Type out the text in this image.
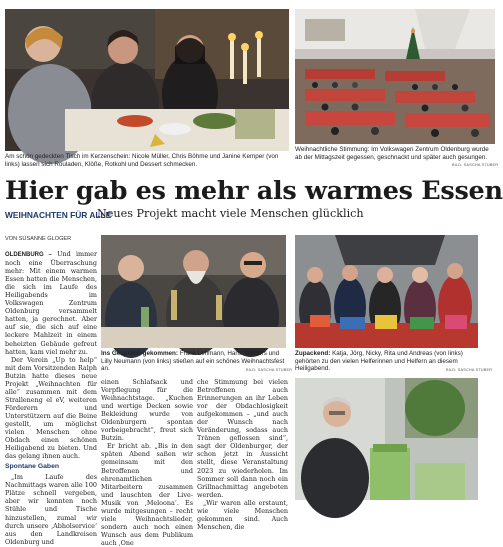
Am schön gedeckten Tisch im Kerzenschein: Nicole Müller, Chris Böhme und Janine Kemper (von links) lassen sich Rouladen, Klöße, Rotkohl und Dessert schmecken.
Weihnachtliche Stimmung: Im Volkswagen Zentrum Oldenburg wurde ab der Mittagszeit gegessen, geschnackt und später auch gesungen.
BILD: SASCHA STÜBER
Hier gab es mehr als warmes Essen
WEIHNACHTEN FÜR ALLE
Neues Projekt macht viele Menschen glücklich
VON SUSANNE GLOGER

OLDENBURG – Und immer noch eine Überraschung mehr: Mit einem warmen Essen hatten die Menschen, die sich im Laufe des Heiligabends im Volkswagen Zentrum Oldenburg versammelt hatten, ja gerechnet. Aber auf sie, die sich auf eine leckere Mahlzeit in einem beheizten Gebäude gefreut hatten, kam viel mehr zu.

Der Verein „Up to help“ mit dem Vorsitzenden Ralph Butzin hatte dieses neue Projekt „Weihnachten für alle“ zusammen mit dem Stralleneng el eV, weiteren Förderern und Unterstützern auf die Beine gestellt, um möglichst vielen Menschen ohne Obdach einen schönen Heiligabend zu bieten. Und das gelang ihnen auch.

Spontane Gaben

„Im Laufe des Nachmittags waren alle 100 Plätze schnell vergeben, aber wir konnten noch Stühle und Tische hinzustellen, zumal wir durch unsere ‚Abholservice‘ aus den Landkreisen Oldenburg und

Ins Gespräch gekommen: Frank Lehmann, Hans Siemers und Lilly Neumann (von links) stießen auf ein schönes Weihnachtsfest an.	BILD: SASCHA STÜBER
Zupackend: Katja, Jörg, Nicky, Rita und Andreas (von links) gehörten zu den vielen Helferinnen und Helfern an diesem Heiligabend.	BILD: SASCHA STÜBER

einen Schlafsack und Verpflegung für die Weihnachtstage. „Kuchen und wertige Decken sowie Bekleidung wurde von Oldenburgern spontan vorbeigebracht“, freut sich Butzin.

Er bricht ab. „Bis in den späten Abend saßen wir gemeinsam mit den Betroffenen und ehrenamtlichen Mitarbeitern zusammen und lauschten der Live-Musik von ‚Meloona‘. Es wurde mitgesungen – recht viele Weihnachtslieder, sondern auch noch einen Wunsch aus dem Publikum auch ‚One

che Stimmung bei vielen Betroffenen auch Erinnerungen an ihr Leben vor der Obdachlosigkeit aufgekommen – „und auch der Wunsch nach Veränderung, sodass auch Tränen geflossen sind“, sagt der Oldenburger, der schon jetzt in Aussicht stellt, diese Veranstaltung 2023 zu wiederholen. Im Sommer soll dann noch ein Grillnachmittag angeboten werden.

„Wir waren alle erstaunt, wie viele Menschen gekommen sind. Auch Menschen, die
